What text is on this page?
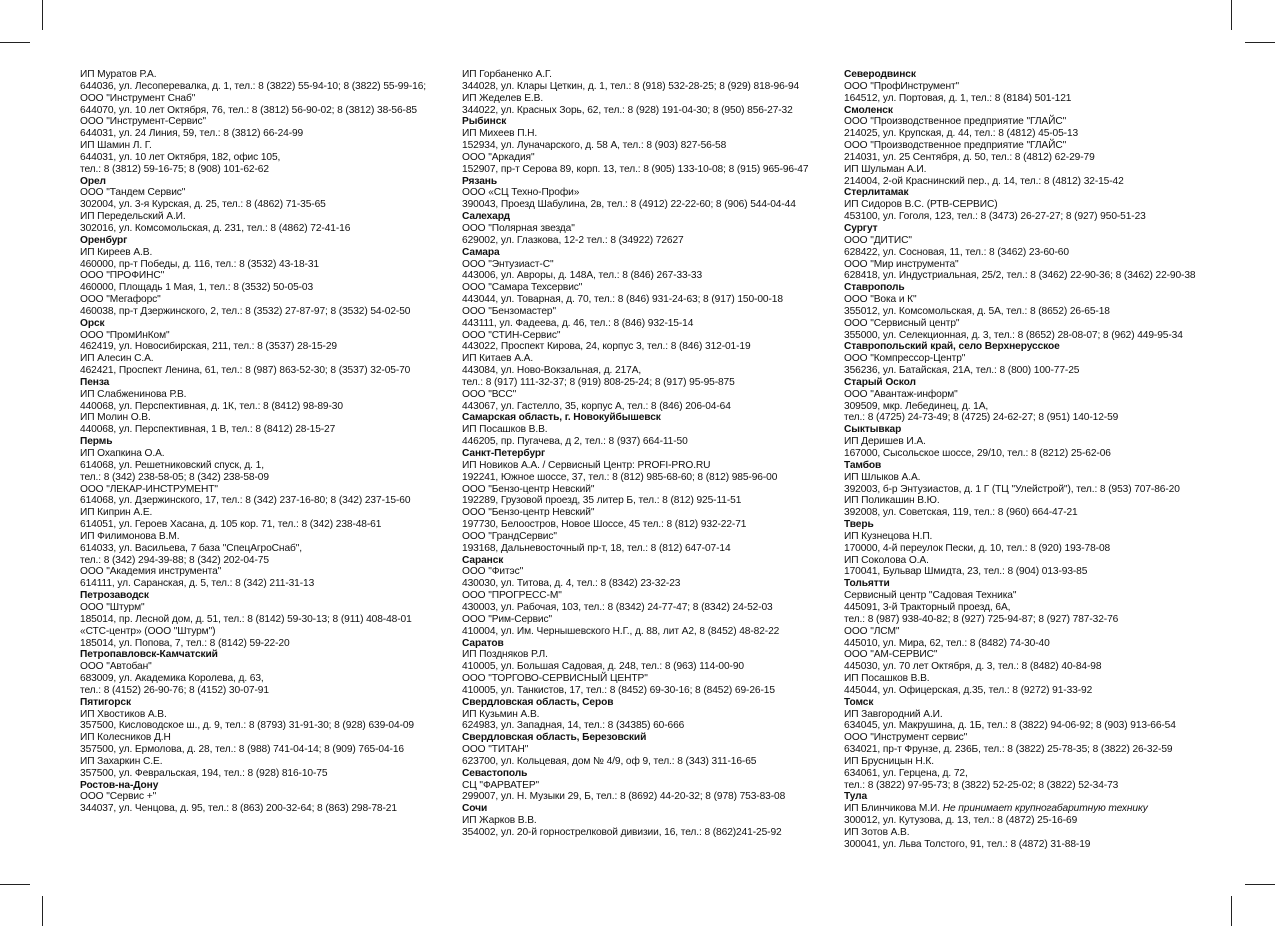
ИП Муратов Р.А.
644036, ул. Лесоперевалка, д. 1, тел.: 8 (3822) 55-94-10; 8 (3822) 55-99-16;
ООО "Инструмент Снаб"
644070, ул. 10 лет Октября, 76, тел.: 8 (3812) 56-90-02; 8 (3812) 38-56-85
ООО "Инструмент-Сервис"
644031, ул. 24 Линия, 59, тел.: 8 (3812) 66-24-99
ИП Шамин Л. Г.
644031, ул. 10 лет Октября, 182, офис 105,
тел.: 8 (3812) 59-16-75; 8 (908) 101-62-62
Орел
ООО "Тандем Сервис"
302004, ул. 3-я Курская, д. 25, тел.: 8 (4862) 71-35-65
ИП Передельский А.И.
302016, ул. Комсомольская, д. 231, тел.: 8 (4862) 72-41-16
Оренбург
ИП Киреев А.В.
460000, пр-т Победы, д. 116, тел.: 8 (3532) 43-18-31
ООО "ПРОФИНС"
460000, Площадь 1 Мая, 1, тел.: 8 (3532) 50-05-03
ООО "Мегафорс"
460038, пр-т Дзержинского, 2, тел.: 8 (3532) 27-87-97; 8 (3532) 54-02-50
Орск
ООО "ПромИнКом"
462419, ул. Новосибирская, 211, тел.: 8 (3537) 28-15-29
ИП Алесин С.А.
462421, Проспект Ленина, 61, тел.: 8 (987) 863-52-30; 8 (3537) 32-05-70
Пенза
ИП Слабженинова Р.В.
440068, ул. Перспективная, д. 1К, тел.: 8 (8412) 98-89-30
ИП Молин О.В.
440068, ул. Перспективная, 1 В, тел.: 8 (8412) 28-15-27
Пермь
ИП Охапкина О.А.
614068, ул. Решетниковский спуск, д. 1,
тел.: 8 (342) 238-58-05; 8 (342) 238-58-09
ООО "ЛЕКАР-ИНСТРУМЕНТ"
614068, ул. Дзержинского, 17, тел.: 8 (342) 237-16-80; 8 (342) 237-15-60
ИП Киприн А.Е.
614051, ул. Героев Хасана, д. 105 кор. 71, тел.: 8 (342) 238-48-61
ИП Филимонова В.М.
614033, ул. Васильева, 7 база "СпецАгроСнаб",
тел.: 8 (342) 294-39-88; 8 (342) 202-04-75
ООО "Академия инструмента"
614111, ул. Саранская, д. 5, тел.: 8 (342) 211-31-13
Петрозаводск
ООО "Штурм"
185014, пр. Лесной дом, д. 51, тел.: 8 (8142) 59-30-13; 8 (911) 408-48-01
«СТС-центр» (ООО "Штурм")
185014, ул. Попова, 7, тел.: 8 (8142) 59-22-20
Петропавловск-Камчатский
ООО "Автобан"
683009, ул. Академика Королева, д. 63,
тел.: 8 (4152) 26-90-76; 8 (4152) 30-07-91
Пятигорск
ИП Хвостиков А.В.
357500, Кисловодское ш., д. 9, тел.: 8 (8793) 31-91-30; 8 (928) 639-04-09
ИП Колесников Д.Н
357500, ул. Ермолова, д. 28, тел.: 8 (988) 741-04-14; 8 (909) 765-04-16
ИП Захаркин С.Е.
357500, ул. Февральская, 194, тел.: 8 (928) 816-10-75
Ростов-на-Дону
ООО "Сервис +"
344037, ул. Ченцова, д. 95, тел.: 8 (863) 200-32-64; 8 (863) 298-78-21
ИП Горбаненко А.Г.
344028, ул. Клары Цеткин, д. 1, тел.: 8 (918) 532-28-25; 8 (929) 818-96-94
ИП Жеделев Е.В.
344022, ул. Красных Зорь, 62, тел.: 8 (928) 191-04-30; 8 (950) 856-27-32
Рыбинск
ИП Михеев П.Н.
152934, ул. Луначарского, д. 58 А, тел.: 8 (903) 827-56-58
ООО "Аркадия"
152907, пр-т Серова 89, корп. 13, тел.: 8 (905) 133-10-08; 8 (915) 965-96-47
Рязань
ООО «СЦ Техно-Профи»
390043, Проезд Шабулина, 2в, тел.: 8 (4912) 22-22-60; 8 (906) 544-04-44
Салехард
ООО "Полярная звезда"
629002, ул. Глазкова, 12-2 тел.: 8 (34922) 72627
Самара
ООО "Энтузиаст-С"
443006, ул. Авроры, д. 148А, тел.: 8 (846) 267-33-33
ООО "Самара Техсервис"
443044, ул. Товарная, д. 70, тел.: 8 (846) 931-24-63; 8 (917) 150-00-18
ООО "Бензомастер"
443111, ул. Фадеева, д. 46, тел.: 8 (846) 932-15-14
ООО "СТИН-Сервис"
443022, Проспект Кирова, 24, корпус 3, тел.: 8 (846) 312-01-19
ИП Китаев А.А.
443084, ул. Ново-Вокзальная, д. 217А,
тел.: 8 (917) 111-32-37; 8 (919) 808-25-24; 8 (917) 95-95-875
ООО "ВСС"
443067, ул. Гастелло, 35, корпус А, тел.: 8 (846) 206-04-64
Самарская область, г. Новокуйбышевск
ИП Посашков В.В.
446205, пр. Пугачева, д 2, тел.: 8 (937) 664-11-50
Санкт-Петербург
ИП Новиков А.А. / Сервисный Центр: PROFI-PRO.RU
192241, Южное шоссе, 37, тел.: 8 (812) 985-68-60; 8 (812) 985-96-00
ООО "Бензо-центр Невский"
192289, Грузовой проезд, 35 литер Б, тел.: 8 (812) 925-11-51
ООО "Бензо-центр Невский"
197730, Белоостров, Новое Шоссе, 45 тел.: 8 (812) 932-22-71
ООО "ГрандСервис"
193168, Дальневосточный пр-т, 18, тел.: 8 (812) 647-07-14
Саранск
ООО "Фитэс"
430030, ул. Титова, д. 4, тел.: 8 (8342) 23-32-23
ООО "ПРОГРЕСС-М"
430003, ул. Рабочая, 103, тел.: 8 (8342) 24-77-47; 8 (8342) 24-52-03
ООО "Рим-Сервис"
410004, ул. Им. Чернышевского Н.Г., д. 88, лит А2, 8 (8452) 48-82-22
Саратов
ИП Поздняков Р.Л.
410005, ул. Большая Садовая, д. 248, тел.: 8 (963) 114-00-90
ООО "ТОРГОВО-СЕРВИСНЫЙ ЦЕНТР"
410005, ул. Танкистов, 17, тел.: 8 (8452) 69-30-16; 8 (8452) 69-26-15
Свердловская область, Серов
ИП Кузьмин А.В.
624983, ул. Западная, 14, тел.: 8 (34385) 60-666
Свердловская область, Березовский
ООО "ТИТАН"
623700, ул. Кольцевая, дом № 4/9, оф 9, тел.: 8 (343) 311-16-65
Севастополь
СЦ "ФАРВАТЕР"
299007, ул. Н. Музыки 29, Б, тел.: 8 (8692) 44-20-32; 8 (978) 753-83-08
Сочи
ИП Жарков В.В.
354002, ул. 20-й горнострелковой дивизии, 16, тел.: 8 (862)241-25-92
Северодвинск
ООО "ПрофИнструмент"
164512, ул. Портовая, д. 1, тел.: 8 (8184) 501-121
Смоленск
ООО "Производственное предприятие "ГЛАЙС"
214025, ул. Крупская, д. 44, тел.: 8 (4812) 45-05-13
ООО "Производственное предприятие "ГЛАЙС"
214031, ул. 25 Сентября, д. 50, тел.: 8 (4812) 62-29-79
ИП Шульман А.И.
214004, 2-ой Краснинский пер., д. 14, тел.: 8 (4812) 32-15-42
Стерлитамак
ИП Сидоров В.С. (РТВ-СЕРВИС)
453100, ул. Гоголя, 123, тел.: 8 (3473) 26-27-27; 8 (927) 950-51-23
Сургут
ООО "ДИТИС"
628422, ул. Сосновая, 11, тел.: 8 (3462) 23-60-60
ООО "Мир инструмента"
628418, ул. Индустриальная, 25/2, тел.: 8 (3462) 22-90-36; 8 (3462) 22-90-38
Ставрополь
ООО "Вока и К"
355012, ул. Комсомольская, д. 5А, тел.: 8 (8652) 26-65-18
ООО "Сервисный центр"
355000, ул. Селекционная, д. 3, тел.: 8 (8652) 28-08-07; 8 (962) 449-95-34
Ставропольский край, село Верхнерусское
ООО "Компрессор-Центр"
356236, ул. Батайская, 21А, тел.: 8 (800) 100-77-25
Старый Оскол
ООО "Авантаж-информ"
309509, мкр. Лебединец, д. 1А,
тел.: 8 (4725) 24-73-49; 8 (4725) 24-62-27; 8 (951) 140-12-59
Сыктывкар
ИП Деришев И.А.
167000, Сысольское шоссе, 29/10, тел.: 8 (8212) 25-62-06
Тамбов
ИП Шлыков А.А.
392003, б-р Энтузиастов, д. 1 Г (ТЦ "Улейстрой"), тел.: 8 (953) 707-86-20
ИП Поликашин В.Ю.
392008, ул. Советская, 119, тел.: 8 (960) 664-47-21
Тверь
ИП Кузнецова Н.П.
170000, 4-й переулок Пески, д. 10, тел.: 8 (920) 193-78-08
ИП Соколова О.А.
170041, Бульвар Шмидта, 23, тел.: 8 (904) 013-93-85
Тольятти
Сервисный центр "Садовая Техника"
445091, 3-й Тракторный проезд, 6А,
тел.: 8 (987) 938-40-82; 8 (927) 725-94-87; 8 (927) 787-32-76
ООО "ЛСМ"
445010, ул. Мира, 62, тел.: 8 (8482) 74-30-40
ООО "АМ-СЕРВИС"
445030, ул. 70 лет Октября, д. 3, тел.: 8 (8482) 40-84-98
ИП Посашков В.В.
445044, ул. Офицерская, д.35, тел.: 8 (9272) 91-33-92
Томск
ИП Завгородний А.И.
634045, ул. Макрушина, д. 1Б, тел.: 8 (3822) 94-06-92; 8 (903) 913-66-54
ООО "Инструмент сервис"
634021, пр-т Фрунзе, д. 236Б, тел.: 8 (3822) 25-78-35; 8 (3822) 26-32-59
ИП Брусницын Н.К.
634061, ул. Герцена, д. 72,
тел.: 8 (3822) 97-95-73; 8 (3822) 52-25-02; 8 (3822) 52-34-73
Тула
ИП Блинчикова М.И. Не принимает крупногабаритную технику
300012, ул. Кутузова, д. 13, тел.: 8 (4872) 25-16-69
ИП Зотов А.В.
300041, ул. Льва Толстого, 91, тел.: 8 (4872) 31-88-19
